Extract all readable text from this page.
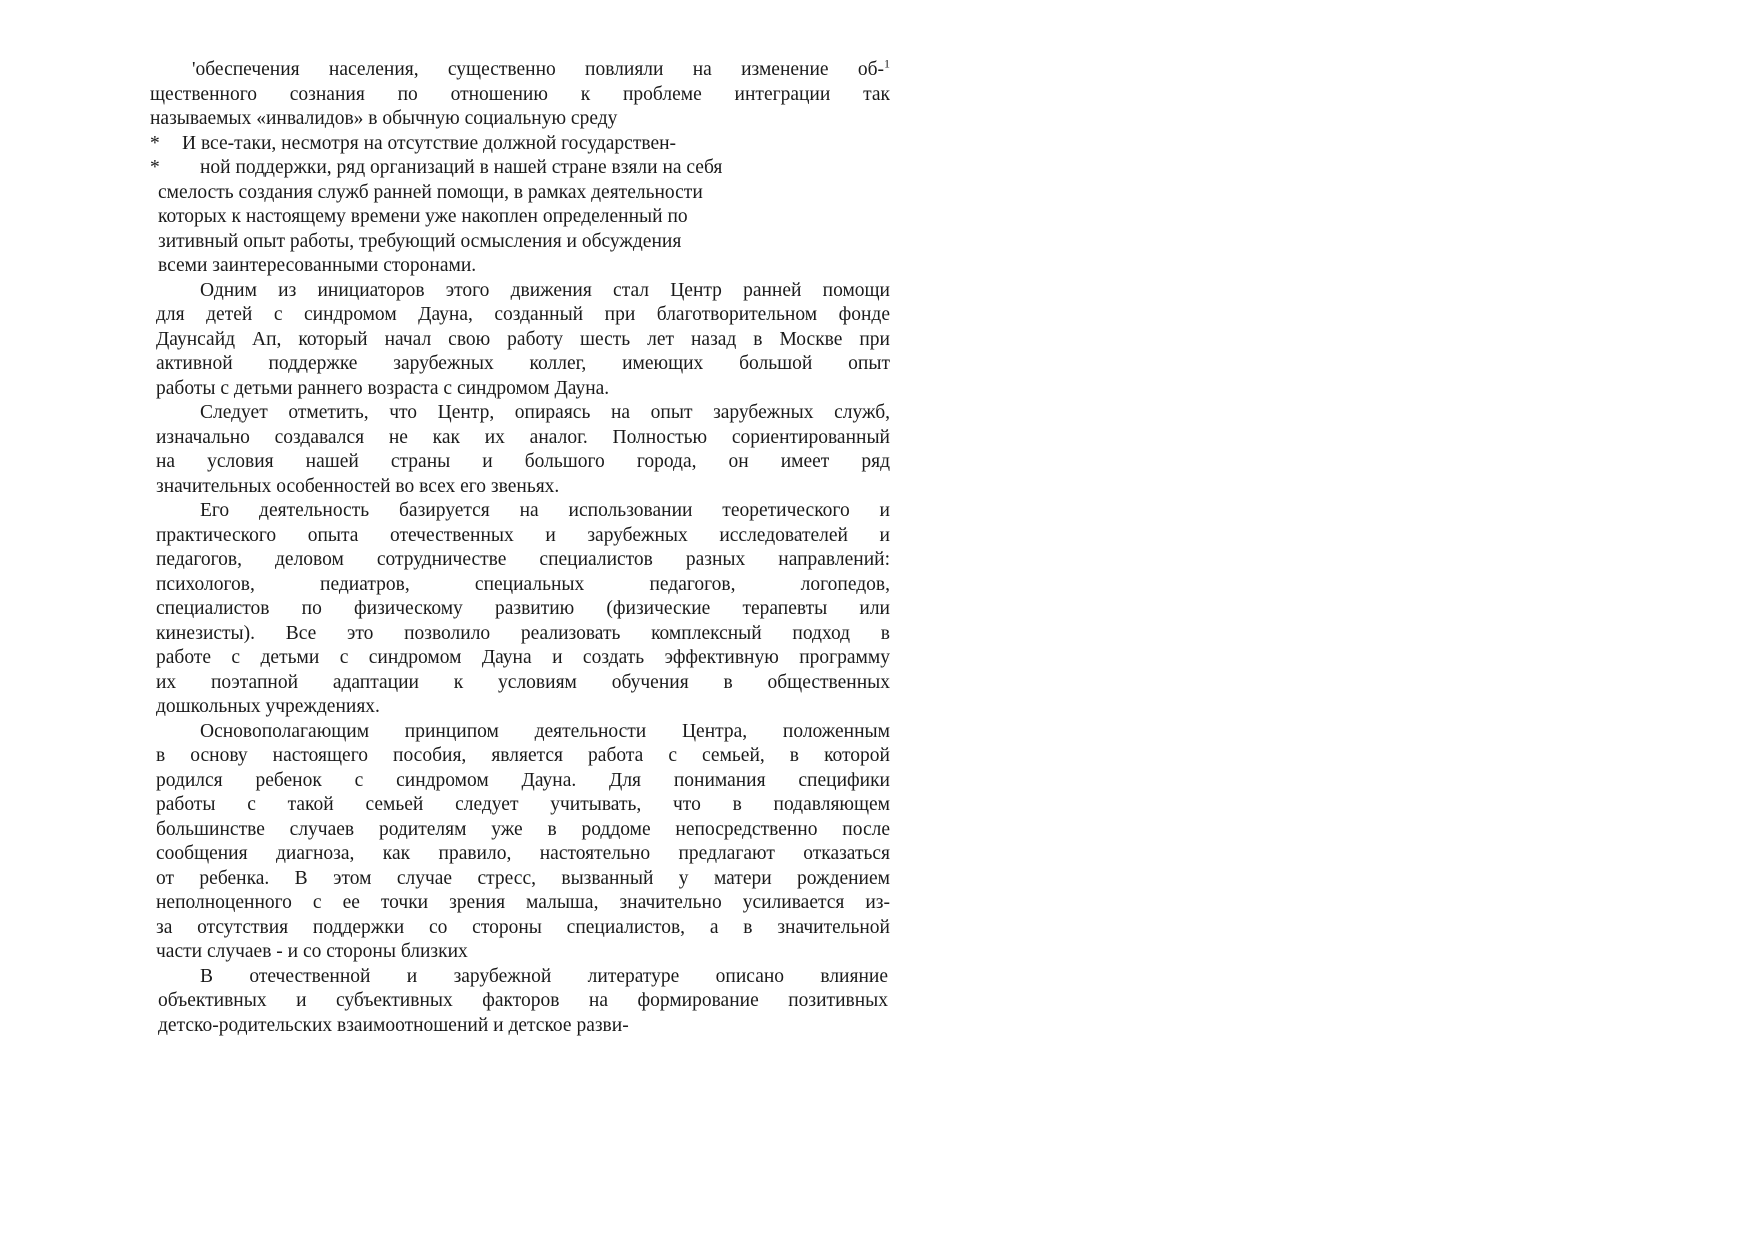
'обеспечения населения, существенно повлияли на изменение об-$^1$
щественного сознания по отношению к проблеме интеграции так
называемых «инвалидов» в обычную социальную среду
* И все-таки, несмотря на отсутствие должной государствен-
* ной поддержки, ряд организаций в нашей стране взяли на себя
смелость создания служб ранней помощи, в рамках деятельности
которых к настоящему времени уже накоплен определенный по
зитивный опыт работы, требующий осмысления и обсуждения
всеми заинтересованными сторонами.
Одним из инициаторов этого движения стал Центр ранней помощи
для детей с синдромом Дауна, созданный при благотворительном фонде
Даунсайд Ап, который начал свою работу шесть лет назад в Москве при
активной поддержке зарубежных коллег, имеющих большой опыт
работы с детьми раннего возраста с синдромом Дауна.
Следует отметить, что Центр, опираясь на опыт зарубежных служб,
изначально создавался не как их аналог. Полностью сориентированный
на условия нашей страны и большого города, он имеет ряд
значительных особенностей во всех его звеньях.
Его деятельность базируется на использовании теоретического и
практического опыта отечественных и зарубежных исследователей и
педагогов, деловом сотрудничестве специалистов разных направлений:
психологов, педиатров, специальных педагогов, логопедов,
специалистов по физическому развитию (физические терапевты или
кинезисты). Все это позволило реализовать комплексный подход в
работе с детьми с синдромом Дауна и создать эффективную программу
их поэтапной адаптации к условиям обучения в общественных
дошкольных учреждениях.
Основополагающим принципом деятельности Центра, положенным
в основу настоящего пособия, является работа с семьей, в которой
родился ребенок с синдромом Дауна. Для понимания специфики
работы с такой семьей следует учитывать, что в подавляющем
большинстве случаев родителям уже в роддоме непосредственно после
сообщения диагноза, как правило, настоятельно предлагают отказаться
от ребенка. В этом случае стресс, вызванный у матери рождением
неполноценного с ее точки зрения малыша, значительно усиливается из-
за отсутствия поддержки со стороны специалистов, а в значительной
части случаев - и со стороны близких
В отечественной и зарубежной литературе описано влияние
объективных и субъективных факторов на формирование позитивных
детско-родительских взаимоотношений и детское разви-
